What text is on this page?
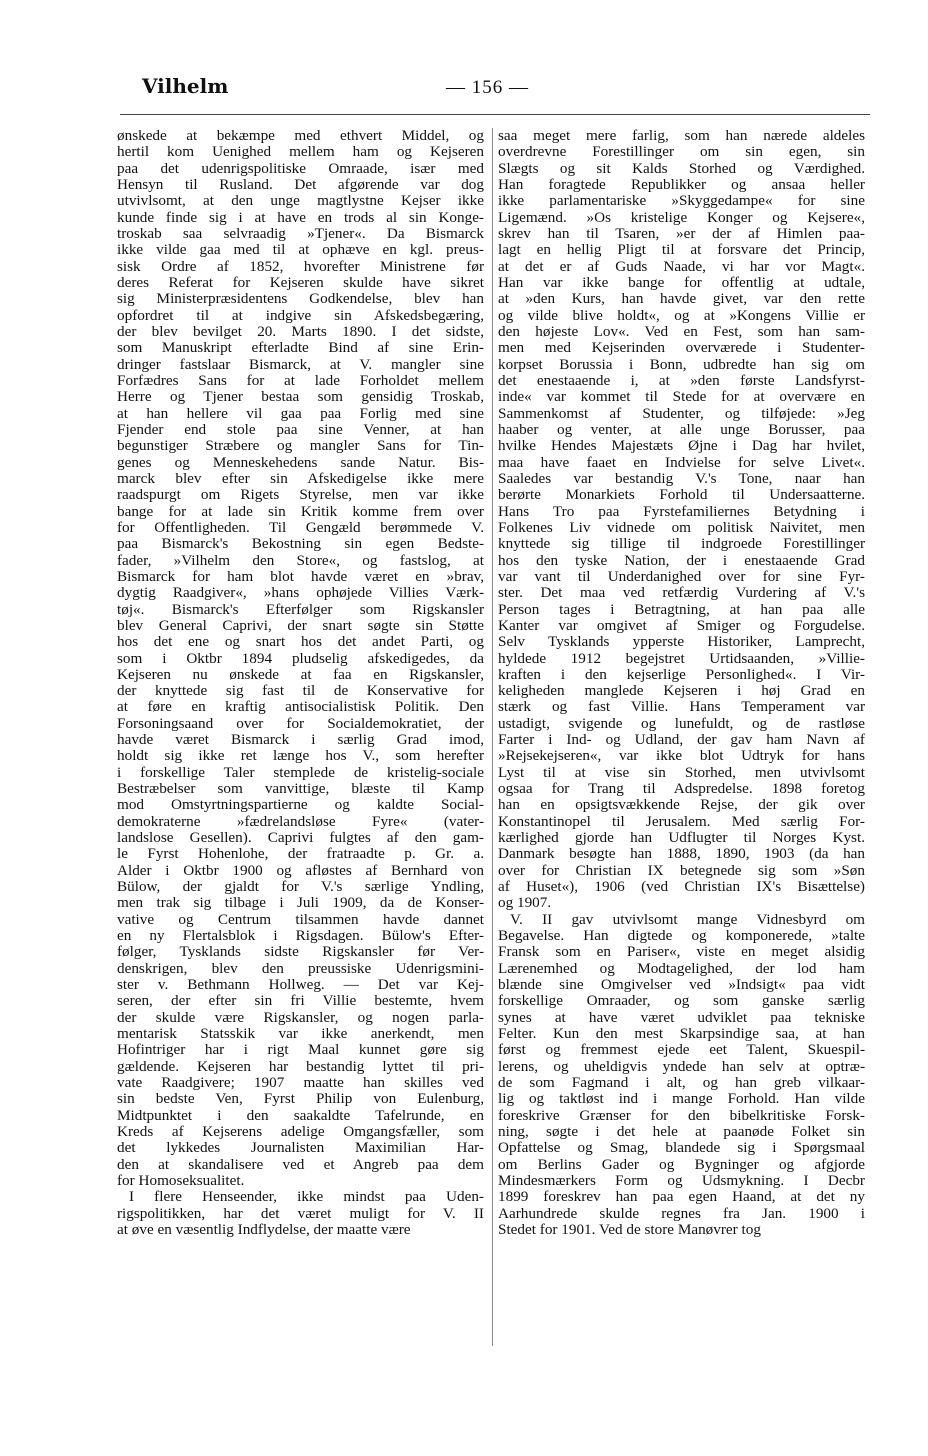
Vilhelm	— 156 —
ønskede at bekæmpe med ethvert Middel, og
hertil kom Uenighed mellem ham og Kejseren
paa det udenrigspolitiske Omraade, især med
Hensyn til Rusland. Det afgørende var dog
utvivlsomt, at den unge magtlystne Kejser ikke
kunde finde sig i at have en trods al sin Konge-
troskab saa selvraadig »Tjener«. Da Bismarck
ikke vilde gaa med til at ophæve en kgl. preus-
sisk Ordre af 1852, hvorefter Ministrene før
deres Referat for Kejseren skulde have sikret
sig Ministerpræsidentens Godkendelse, blev han
opfordret til at indgive sin Afskedsbegæring,
der blev bevilget 20. Marts 1890. I det sidste,
som Manuskript efterladte Bind af sine Erin-
dringer fastslaar Bismarck, at V. mangler sine
Forfædres Sans for at lade Forholdet mellem
Herre og Tjener bestaa som gensidig Troskab,
at han hellere vil gaa paa Forlig med sine
Fjender end stole paa sine Venner, at han
begunstiger Stræbere og mangler Sans for Tin-
genes og Menneskehedens sande Natur. Bis-
marck blev efter sin Afskedigelse ikke mere
raadspurgt om Rigets Styrelse, men var ikke
bange for at lade sin Kritik komme frem over
for Offentligheden. Til Gengæld berømmede V.
paa Bismarck's Bekostning sin egen Bedste-
fader, »Vilhelm den Store«, og fastslog, at
Bismarck for ham blot havde været en »brav,
dygtig Raadgiver«, »hans ophøjede Villies Værk-
tøj«. Bismarck's Efterfølger som Rigskansler
blev General Caprivi, der snart søgte sin Støtte
hos det ene og snart hos det andet Parti, og
som i Oktbr 1894 pludselig afskedigedes, da
Kejseren nu ønskede at faa en Rigskansler,
der knyttede sig fast til de Konservative for
at føre en kraftig antisocialistisk Politik. Den
Forsoningsaand over for Socialdemokratiet, der
havde været Bismarck i særlig Grad imod,
holdt sig ikke ret længe hos V., som herefter
i forskellige Taler stemplede de kristelig-sociale
Bestræbelser som vanvittige, blæste til Kamp
mod Omstyrtningspartierne og kaldte Social-
demokraterne »fædrelandsløse Fyre« (vater-
landslose Gesellen). Caprivi fulgtes af den gam-
le Fyrst Hohenlohe, der fratraadte p. Gr. a.
Alder i Oktbr 1900 og afløstes af Bernhard von
Bülow, der gjaldt for V.'s særlige Yndling,
men trak sig tilbage i Juli 1909, da de Konser-
vative og Centrum tilsammen havde dannet
en ny Flertalsblok i Rigsdagen. Bülow's Efter-
følger, Tysklands sidste Rigskansler før Ver-
denskrigen, blev den preussiske Udenrigsmini-
ster v. Bethmann Hollweg. — Det var Kej-
seren, der efter sin fri Villie bestemte, hvem
der skulde være Rigskansler, og nogen parla-
mentarisk Statsskik var ikke anerkendt, men
Hofintriger har i rigt Maal kunnet gøre sig
gældende. Kejseren har bestandig lyttet til pri-
vate Raadgivere; 1907 maatte han skilles ved
sin bedste Ven, Fyrst Philip von Eulenburg,
Midtpunktet i den saakaldte Tafelrunde, en
Kreds af Kejserens adelige Omgangsfæller, som
det lykkedes Journalisten Maximilian Har-
den at skandalisere ved et Angreb paa dem
for Homoseksualitet.
I flere Henseender, ikke mindst paa Uden-
rigspolitikken, har det været muligt for V. II
at øve en væsentlig Indflydelse, der maatte være
saa meget mere farlig, som han nærede aldeles
overdrevne Forestillinger om sin egen, sin
Slægts og sit Kalds Storhed og Værdighed.
Han foragtede Republikker og ansaa heller
ikke parlamentariske »Skyggedampe« for sine
Ligemænd. »Os kristelige Konger og Kejsere«,
skrev han til Tsaren, »er der af Himlen paa-
lagt en hellig Pligt til at forsvare det Princip,
at det er af Guds Naade, vi har vor Magt«.
Han var ikke bange for offentlig at udtale,
at »den Kurs, han havde givet, var den rette
og vilde blive holdt«, og at »Kongens Villie er
den højeste Lov«. Ved en Fest, som han sam-
men med Kejserinden overværede i Studenter-
korpset Borussia i Bonn, udbredte han sig om
det enestaaende i, at »den første Landsfyrst-
inde« var kommet til Stede for at overvære en
Sammenkomst af Studenter, og tilføjede: »Jeg
haaber og venter, at alle unge Borusser, paa
hvilke Hendes Majestæts Øjne i Dag har hvilet,
maa have faaet en Indvielse for selve Livet«.
Saaledes var bestandig V.'s Tone, naar han
berørte Monarkiets Forhold til Undersaatterne.
Hans Tro paa Fyrstefamiliernes Betydning i
Folkenes Liv vidnede om politisk Naivitet, men
knyttede sig tillige til indgroede Forestillinger
hos den tyske Nation, der i enestaaende Grad
var vant til Underdanighed over for sine Fyr-
ster. Det maa ved retfærdig Vurdering af V.'s
Person tages i Betragtning, at han paa alle
Kanter var omgivet af Smiger og Forgudelse.
Selv Tysklands ypperste Historiker, Lamprecht,
hyldede 1912 begejstret Urtidsaanden, »Villie-
kraften i den kejserlige Personlighed«. I Vir-
keligheden manglede Kejseren i høj Grad en
stærk og fast Villie. Hans Temperament var
ustadigt, svigende og lunefuldt, og de rastløse
Farter i Ind- og Udland, der gav ham Navn af
»Rejsekejseren«, var ikke blot Udtryk for hans
Lyst til at vise sin Storhed, men utvivlsomt
ogsaa for Trang til Adspredelse. 1898 foretog
han en opsigtsvækkende Rejse, der gik over
Konstantinopel til Jerusalem. Med særlig For-
kærlighed gjorde han Udflugter til Norges Kyst.
Danmark besøgte han 1888, 1890, 1903 (da han
over for Christian IX betegnede sig som »Søn
af Huset«), 1906 (ved Christian IX's Bisættelse)
og 1907.
V. II gav utvivlsomt mange Vidnesbyrd om
Begavelse. Han digtede og komponerede, »talte
Fransk som en Pariser«, viste en meget alsidig
Lærenemhed og Modtagelighed, der lod ham
blænde sine Omgivelser ved »Indsigt« paa vidt
forskellige Omraader, og som ganske særlig
synes at have været udviklet paa tekniske
Felter. Kun den mest Skarpsindige saa, at han
først og fremmest ejede eet Talent, Skuespil-
lerens, og uheldigvis yndede han selv at optræ-
de som Fagmand i alt, og han greb vilkaar-
lig og taktløst ind i mange Forhold. Han vilde
foreskrive Grænser for den bibelkritiske Forsk-
ning, søgte i det hele at paanøde Folket sin
Opfattelse og Smag, blandede sig i Spørgsmaal
om Berlins Gader og Bygninger og afgjorde
Mindesmærkers Form og Udsmykning. I Decbr
1899 foreskrev han paa egen Haand, at det ny
Aarhundrede skulde regnes fra Jan. 1900 i
Stedet for 1901. Ved de store Manøvrer tog
